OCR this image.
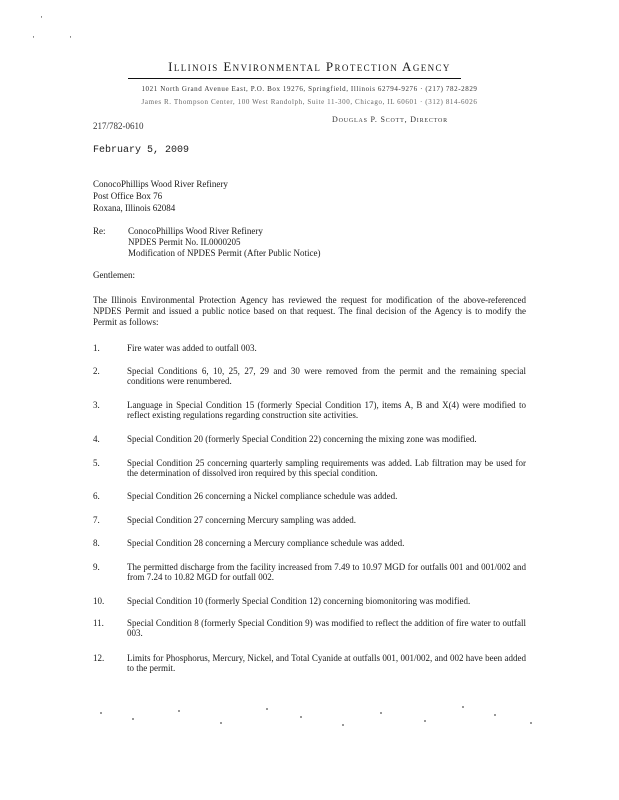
·
·	·
Illinois Environmental Protection Agency
1021 North Grand Avenue East, P.O. Box 19276, Springfield, Illinois 62794-9276 · (217) 782-2829
James R. Thompson Center, 100 West Randolph, Suite 11-300, Chicago, IL 60601 · (312) 814-6026
Douglas P. Scott, Director
217/782-0610
February 5, 2009
ConocoPhillips Wood River Refinery
Post Office Box 76
Roxana, Illinois 62084
Re:	ConocoPhillips Wood River Refinery
NPDES Permit No. IL0000205
Modification of NPDES Permit (After Public Notice)
Gentlemen:
The Illinois Environmental Protection Agency has reviewed the request for modification of the above-referenced NPDES Permit and issued a public notice based on that request. The final decision of the Agency is to modify the Permit as follows:
1.	Fire water was added to outfall 003.
2.	Special Conditions 6, 10, 25, 27, 29 and 30 were removed from the permit and the remaining special conditions were renumbered.
3.	Language in Special Condition 15 (formerly Special Condition 17), items A, B and X(4) were modified to reflect existing regulations regarding construction site activities.
4.	Special Condition 20 (formerly Special Condition 22) concerning the mixing zone was modified.
5.	Special Condition 25 concerning quarterly sampling requirements was added. Lab filtration may be used for the determination of dissolved iron required by this special condition.
6.	Special Condition 26 concerning a Nickel compliance schedule was added.
7.	Special Condition 27 concerning Mercury sampling was added.
8.	Special Condition 28 concerning a Mercury compliance schedule was added.
9.	The permitted discharge from the facility increased from 7.49 to 10.97 MGD for outfalls 001 and 001/002 and from 7.24 to 10.82 MGD for outfall 002.
10.	Special Condition 10 (formerly Special Condition 12) concerning biomonitoring was modified.
11.	Special Condition 8 (formerly Special Condition 9) was modified to reflect the addition of fire water to outfall 003.
12.	Limits for Phosphorus, Mercury, Nickel, and Total Cyanide at outfalls 001, 001/002, and 002 have been added to the permit.
